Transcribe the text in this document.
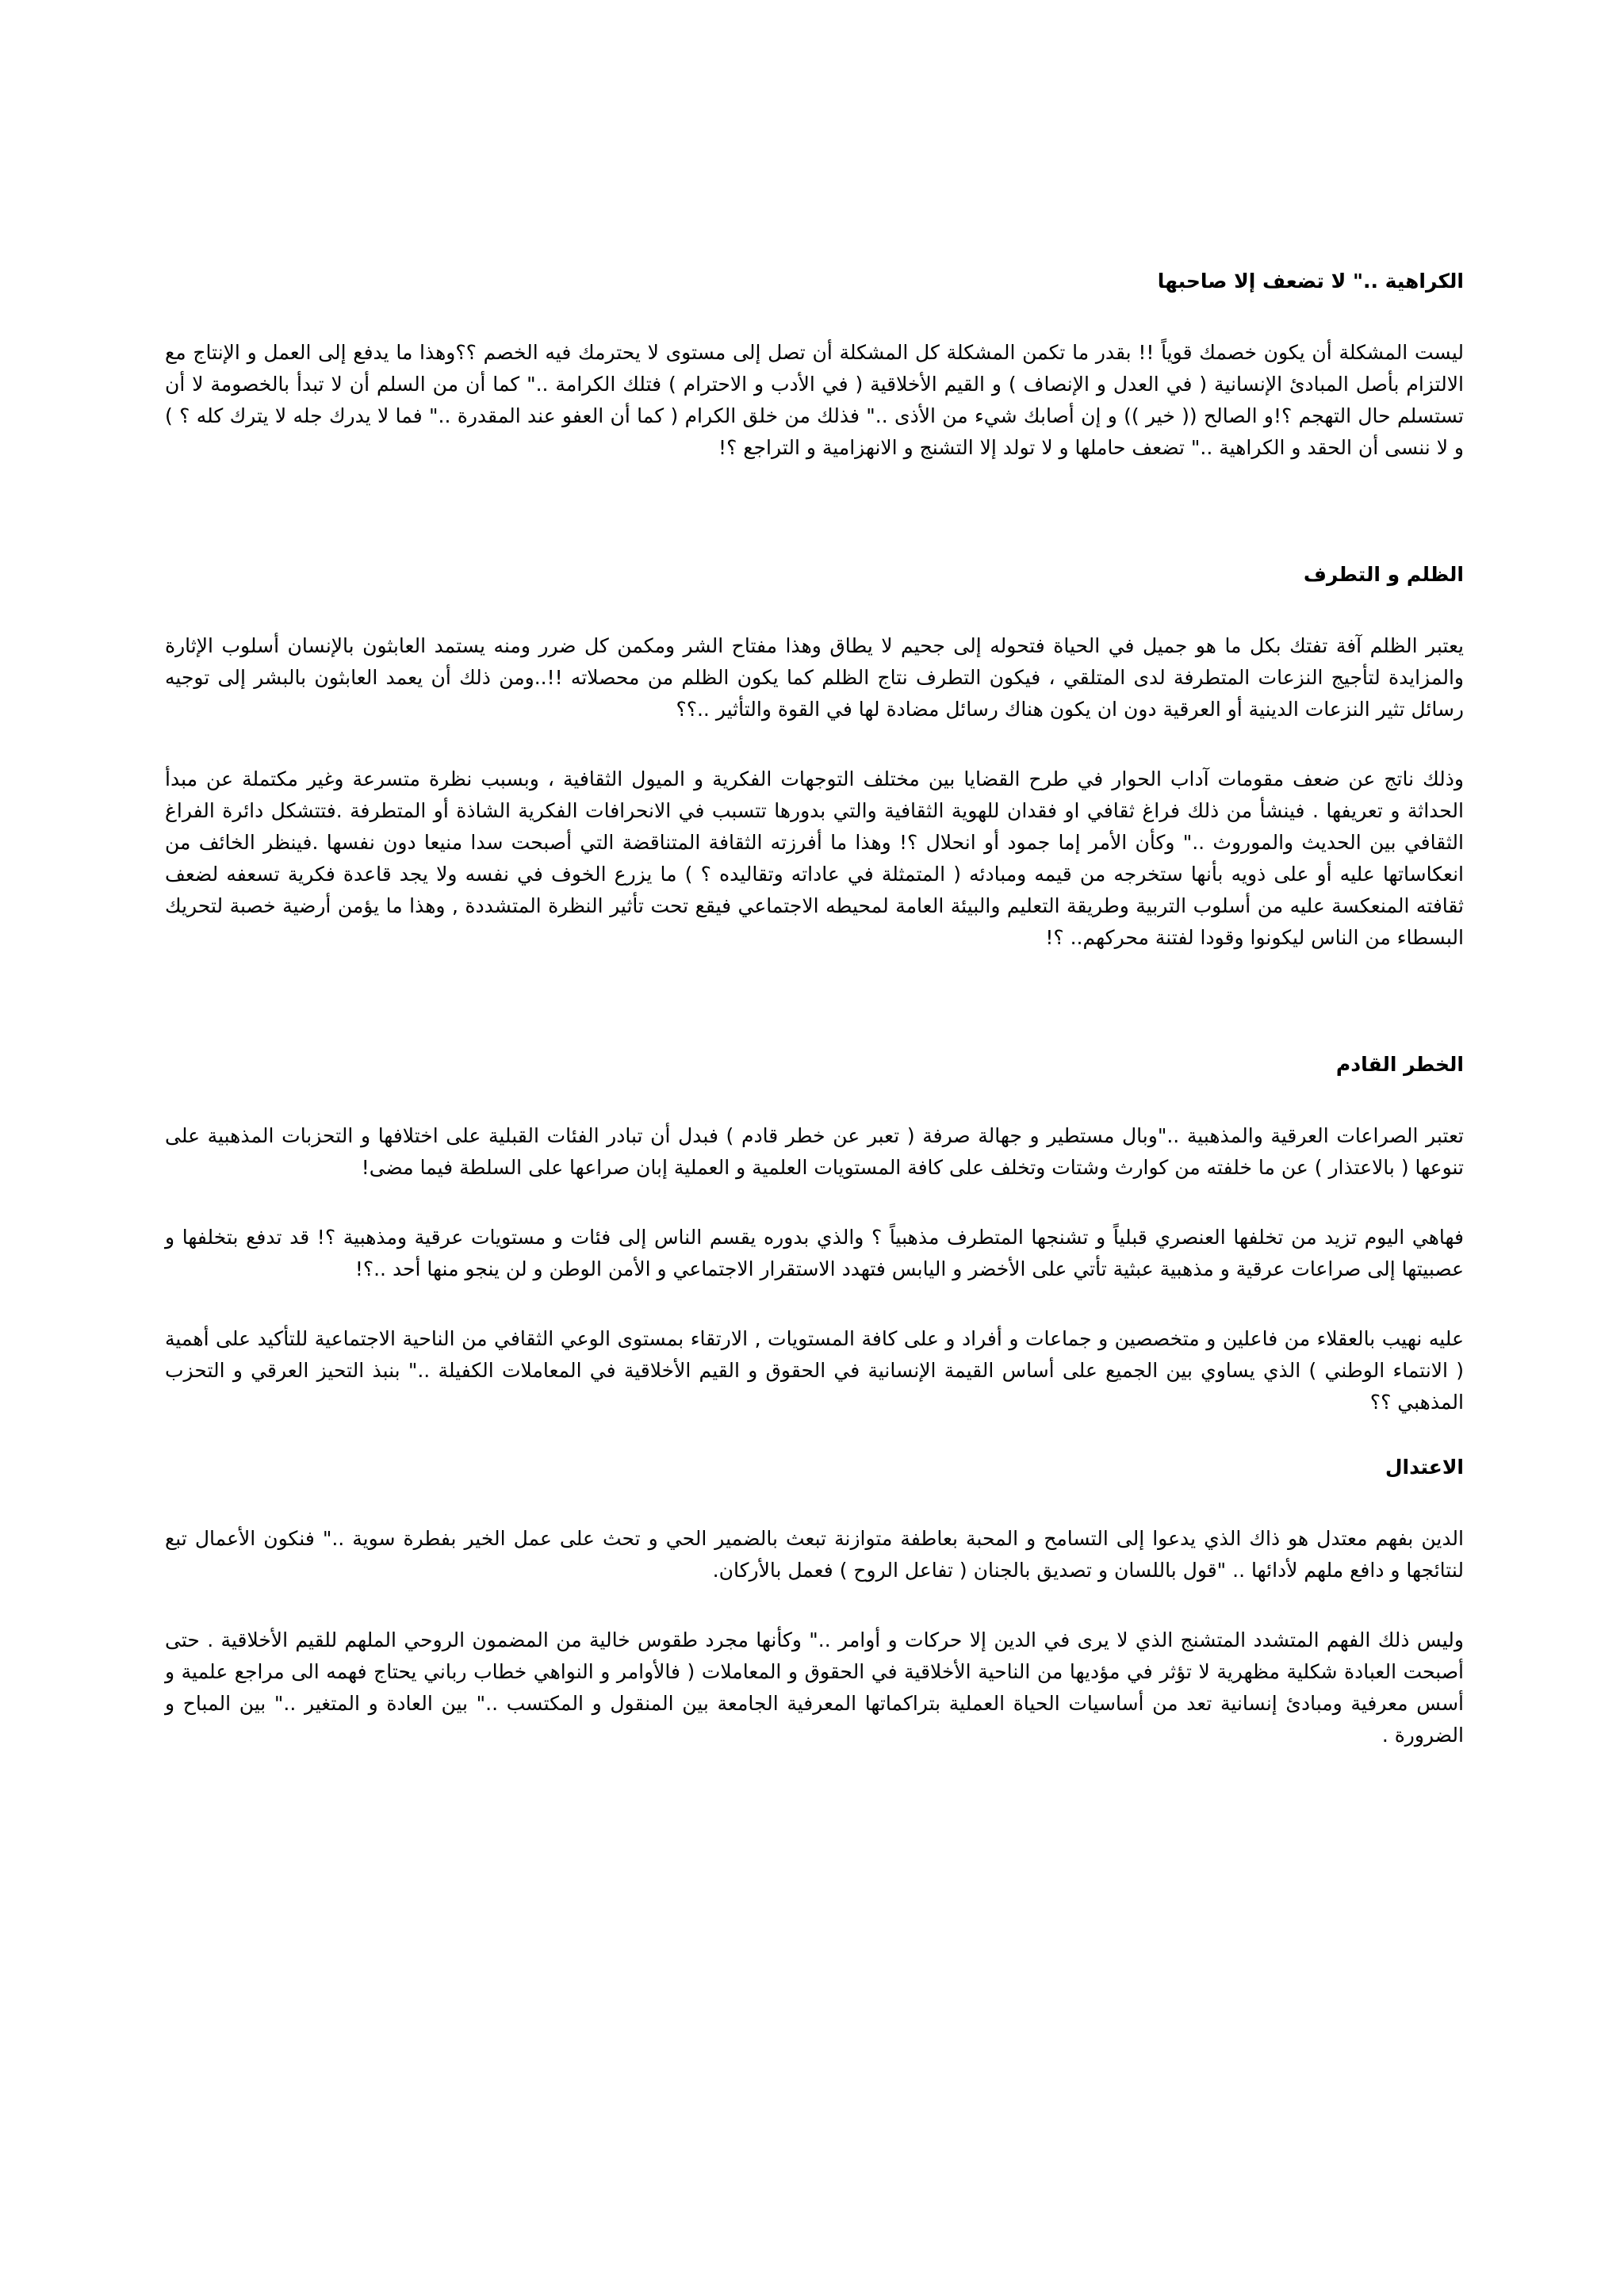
الكراهية .." لا تضعف إلا صاحبها

ليست المشكلة أن يكون خصمك قوياً !! بقدر ما تكمن المشكلة كل المشكلة أن تصل إلى مستوى لا يحترمك فيه الخصم ؟؟وهذا ما يدفع إلى العمل و الإنتاج مع الالتزام بأصل المبادئ الإنسانية ( في العدل و الإنصاف ) و القيم الأخلاقية ( في الأدب و الاحترام ) فتلك الكرامة .." كما أن من السلم أن لا تبدأ بالخصومة لا أن تستسلم حال التهجم ؟!و الصالح (( خير )) و إن أصابك شيء من الأذى .." فذلك من خلق الكرام ( كما أن العفو عند المقدرة .." فما لا يدرك جله لا يترك كله ؟ ) و لا ننسى أن الحقد و الكراهية .." تضعف حاملها و لا تولد إلا التشنج و الانهزامية و التراجع ؟!

الظلم و التطرف

يعتبر الظلم آفة تفتك بكل ما هو جميل في الحياة فتحوله إلى جحيم لا يطاق وهذا مفتاح الشر ومكمن كل ضرر ومنه يستمد العابثون بالإنسان أسلوب الإثارة والمزايدة لتأجيج النزعات المتطرفة لدى المتلقي ، فيكون التطرف نتاج الظلم كما يكون الظلم من محصلاته !!..ومن ذلك أن يعمد العابثون بالبشر إلى توجيه رسائل تثير النزعات الدينية أو العرقية دون ان يكون هناك رسائل مضادة لها في القوة والتأثير ..؟؟

وذلك ناتج عن ضعف مقومات آداب الحوار في طرح القضايا بين مختلف التوجهات الفكرية و الميول الثقافية ، وبسبب نظرة متسرعة وغير مكتملة عن مبدأ الحداثة و تعريفها . فينشأ من ذلك فراغ ثقافي او فقدان للهوية الثقافية والتي بدورها تتسبب في الانحرافات الفكرية الشاذة أو المتطرفة .فتتشكل دائرة الفراغ الثقافي بين الحديث والموروث .." وكأن الأمر إما جمود أو انحلال ؟! وهذا ما أفرزته الثقافة المتناقضة التي أصبحت سدا منيعا دون نفسها .فينظر الخائف من انعكاساتها عليه أو على ذويه بأنها ستخرجه من قيمه ومبادئه ( المتمثلة في عاداته وتقاليده ؟ ) ما يزرع الخوف في نفسه ولا يجد قاعدة فكرية تسعفه لضعف ثقافته المنعكسة عليه من أسلوب التربية وطريقة التعليم والبيئة العامة لمحيطه الاجتماعي فيقع تحت تأثير النظرة المتشددة , وهذا ما يؤمن أرضية خصبة لتحريك البسطاء من الناس ليكونوا وقودا لفتنة محركهم.. ؟!

الخطر القادم

تعتبر الصراعات العرقية والمذهبية .."وبال مستطير و جهالة صرفة ( تعبر عن خطر قادم ) فبدل أن تبادر الفئات القبلية على اختلافها و التحزبات المذهبية على تنوعها ( بالاعتذار ) عن ما خلفته من كوارث وشتات وتخلف على كافة المستويات العلمية و العملية إبان صراعها على السلطة فيما مضى!

فهاهي اليوم تزيد من تخلفها العنصري قبلياً و تشنجها المتطرف مذهبياً ؟ والذي بدوره يقسم الناس إلى فئات و مستويات عرقية ومذهبية ؟! قد تدفع بتخلفها و عصبيتها إلى صراعات عرقية و مذهبية عبثية تأتي على الأخضر و اليابس فتهدد الاستقرار الاجتماعي و الأمن الوطن و لن ينجو منها أحد ..؟!

عليه نهيب بالعقلاء من فاعلين و متخصصين و جماعات و أفراد و على كافة المستويات , الارتقاء بمستوى الوعي الثقافي من الناحية الاجتماعية للتأكيد على أهمية ( الانتماء الوطني ) الذي يساوي بين الجميع على أساس القيمة الإنسانية في الحقوق و القيم الأخلاقية في المعاملات الكفيلة .." بنبذ التحيز العرقي و التحزب المذهبي ؟؟

الاعتدال

الدين بفهم معتدل هو ذاك الذي يدعوا إلى التسامح و المحبة بعاطفة متوازنة تبعث بالضمير الحي و تحث على عمل الخير بفطرة سوية .." فنكون الأعمال تبع لنتائجها و دافع ملهم لأدائها .. "قول باللسان و تصديق بالجنان ( تفاعل الروح ) فعمل بالأركان.

وليس ذلك الفهم المتشدد المتشنج الذي لا يرى في الدين إلا حركات و أوامر .." وكأنها مجرد طقوس خالية من المضمون الروحي الملهم للقيم الأخلاقية . حتى أصبحت العبادة شكلية مظهرية لا تؤثر في مؤديها من الناحية الأخلاقية في الحقوق و المعاملات ( فالأوامر و النواهي خطاب رباني يحتاج فهمه الى مراجع علمية و أسس معرفية ومبادئ إنسانية تعد من أساسيات الحياة العملية بتراكماتها المعرفية الجامعة بين المنقول و المكتسب .." بين العادة و المتغير .." بين المباح و الضرورة .
